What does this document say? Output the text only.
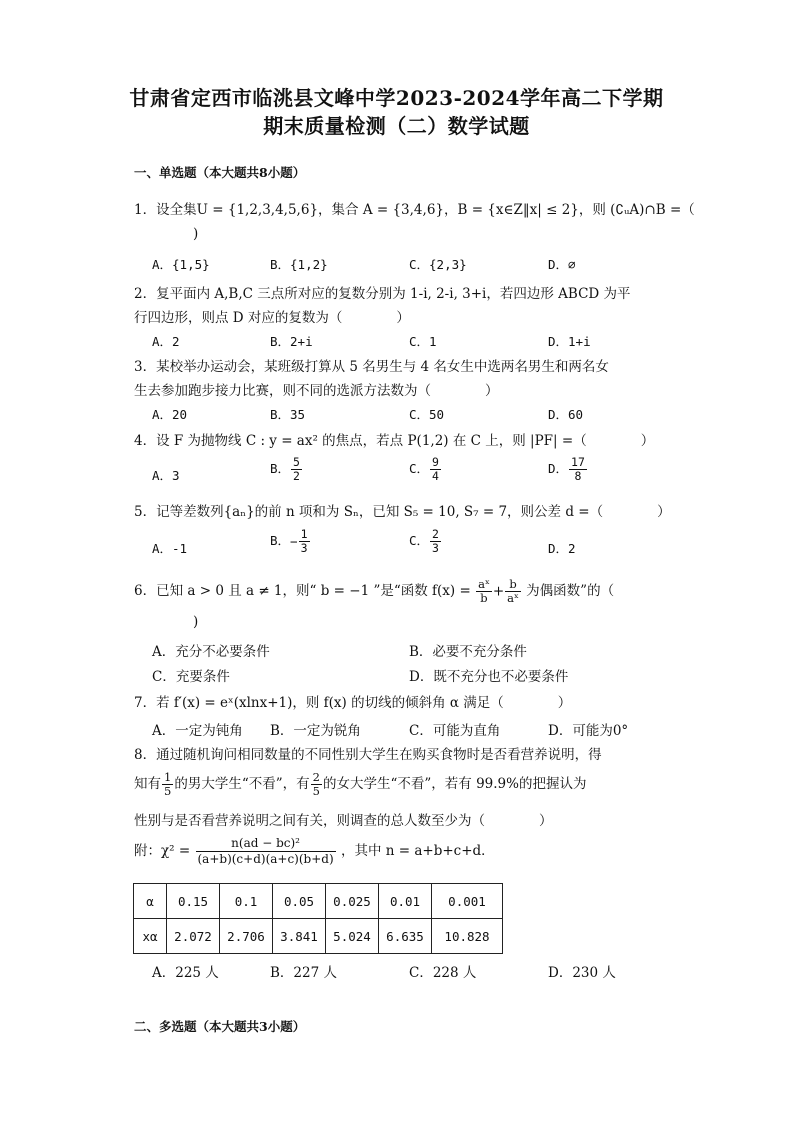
甘肃省定西市临洮县文峰中学2023-2024学年高二下学期
期末质量检测（二）数学试题
一、单选题（本大题共8小题）
1．设全集U = {1,2,3,4,5,6}，集合 A = {3,4,6}，B = {x∈Z‖x| ≤ 2}，则 (∁ᵤA)∩B =（
)
A．{1,5}	B．{1,2}	C．{2,3}	D．∅
2．复平面内 A,B,C 三点所对应的复数分别为 1-i, 2-i, 3+i，若四边形 ABCD 为平
行四边形，则点 D 对应的复数为（　　　　）
A．2	B．2+i	C．1	D．1+i
3．某校举办运动会，某班级打算从 5 名男生与 4 名女生中选两名男生和两名女
生去参加跑步接力比赛，则不同的选派方法数为（　　　　）
A．20	B．35	C．50	D．60
4．设 F 为抛物线 C : y = ax² 的焦点，若点 P(1,2) 在 C 上，则 |PF| =（　　　　）
A．3	B． $\frac{5}{2}$	C． $\frac{9}{4}$	D． $\frac{17}{8}$
5．记等差数列{aₙ}的前 n 项和为 Sₙ，已知 S₅ = 10, S₇ = 7，则公差 d =（　　　　）
A．-1
B．− $\frac{1}{3}$	C． $\frac{2}{3}$	D．2
6．已知 a > 0 且 a ≠ 1，则“ b = −1 ”是“函数 $f(x) = \frac{\text{aˣ}}{b} + \frac{b}{\text{aˣ}}$ 为偶函数”的（
)
A．充分不必要条件	B．必要不充分条件
C．充要条件	D．既不充分也不必要条件
7．若 f′(x) = eˣ(xlnx+1)，则 f(x) 的切线的倾斜角 α 满足（　　　　）
A．一定为钝角 B．一定为锐角	C．可能为直角	D．可能为0°
8．通过随机询问相同数量的不同性别大学生在购买食物时是否看营养说明，得
知有 $\frac{1}{5}$ 的男大学生“不看”，有 $\frac{2}{5}$ 的女大学生“不看”，若有 99.9%的把握认为
性别与是否看营养说明之间有关，则调查的总人数至少为（　　　　）
附：$\chi^2 = \frac{\text{n(ad − bc)²}}{(a+b)(c+d)(a+c)(b+d)}$ ，其中 n = a+b+c+d．
α	0.15	0.1	0.05	0.025	0.01	0.001
xα	2.072	2.706	3.841	5.024	6.635	10.828
A．225 人	B．227 人	C．228 人	D．230 人
二、多选题（本大题共3小题）
